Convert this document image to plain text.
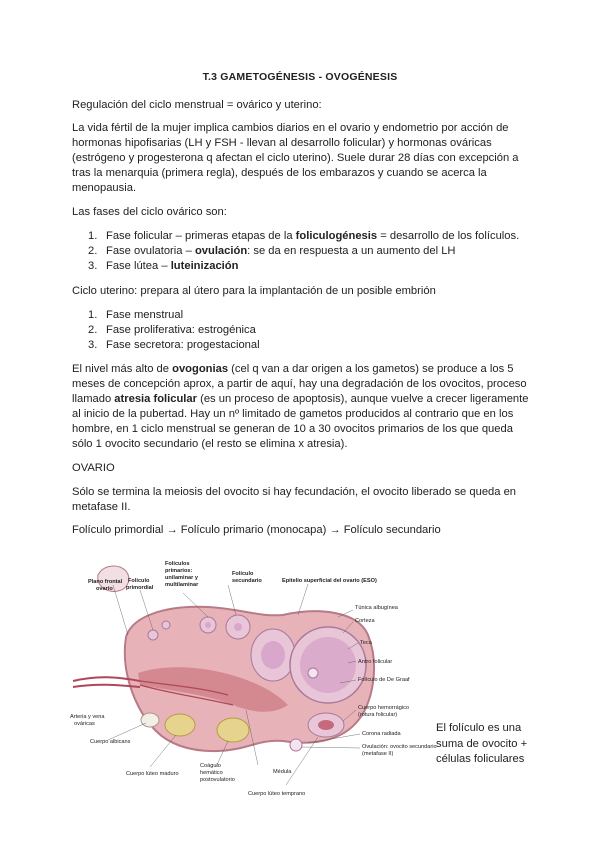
T.3 GAMETOGÉNESIS - OVOGÉNESIS
Regulación del ciclo menstrual = ovárico y uterino:
La vida fértil de la mujer implica cambios diarios en el ovario y endometrio por acción de hormonas hipofisarias (LH y FSH - llevan al desarrollo folicular) y hormonas ováricas (estrógeno y progesterona q afectan el ciclo uterino). Suele durar 28 días con excepción a tras la menarquia (primera regla), después de los embarazos y cuando se acerca la menopausia.
Las fases del ciclo ovárico son:
1. Fase folicular – primeras etapas de la foliculogénesis = desarrollo de los folículos.
2. Fase ovulatoria – ovulación: se da en respuesta a un aumento del LH
3. Fase lútea – luteinización
Ciclo uterino: prepara al útero para la implantación de un posible embrión
1. Fase menstrual
2. Fase proliferativa: estrogénica
3. Fase secretora: progestacional
El nivel más alto de ovogonias (cel q van a dar origen a los gametos) se produce a los 5 meses de concepción aprox, a partir de aquí, hay una degradación de los ovocitos, proceso llamado atresia folicular (es un proceso de apoptosis), aunque vuelve a crecer ligeramente al inicio de la pubertad. Hay un nº limitado de gametos producidos al contrario que en los hombre, en 1 ciclo menstrual se generan de 10 a 30 ovocitos primarios de los que queda sólo 1 ovocito secundario (el resto se elimina x atresia).
OVARIO
Sólo se termina la meiosis del ovocito si hay fecundación, el ovocito liberado se queda en metafase II.
Folículo primordial → Folículo primario (monocapa) → Folículo secundario
Plano frontal
ovario
Folículo
primordial
Folículos
primarios:
unilaminar y
multilaminar
Folículo
secundario	Epitelio superficial del ovario (ESO)
Túnica albugínea
Corteza
Teca
Antro folicular
Folículo de De Graaf
Cuerpo hemorrágico
(rotura folicular)
Corona radiada
Ovulación: ovocito secundario
(metafase II)
Arteria y vena
ováricas
Cuerpo albicans
Cuerpo lúteo maduro
Coágulo
hemático
postovulatorio
Médula
Cuerpo lúteo temprano
El folículo es una suma de ovocito + células foliculares
